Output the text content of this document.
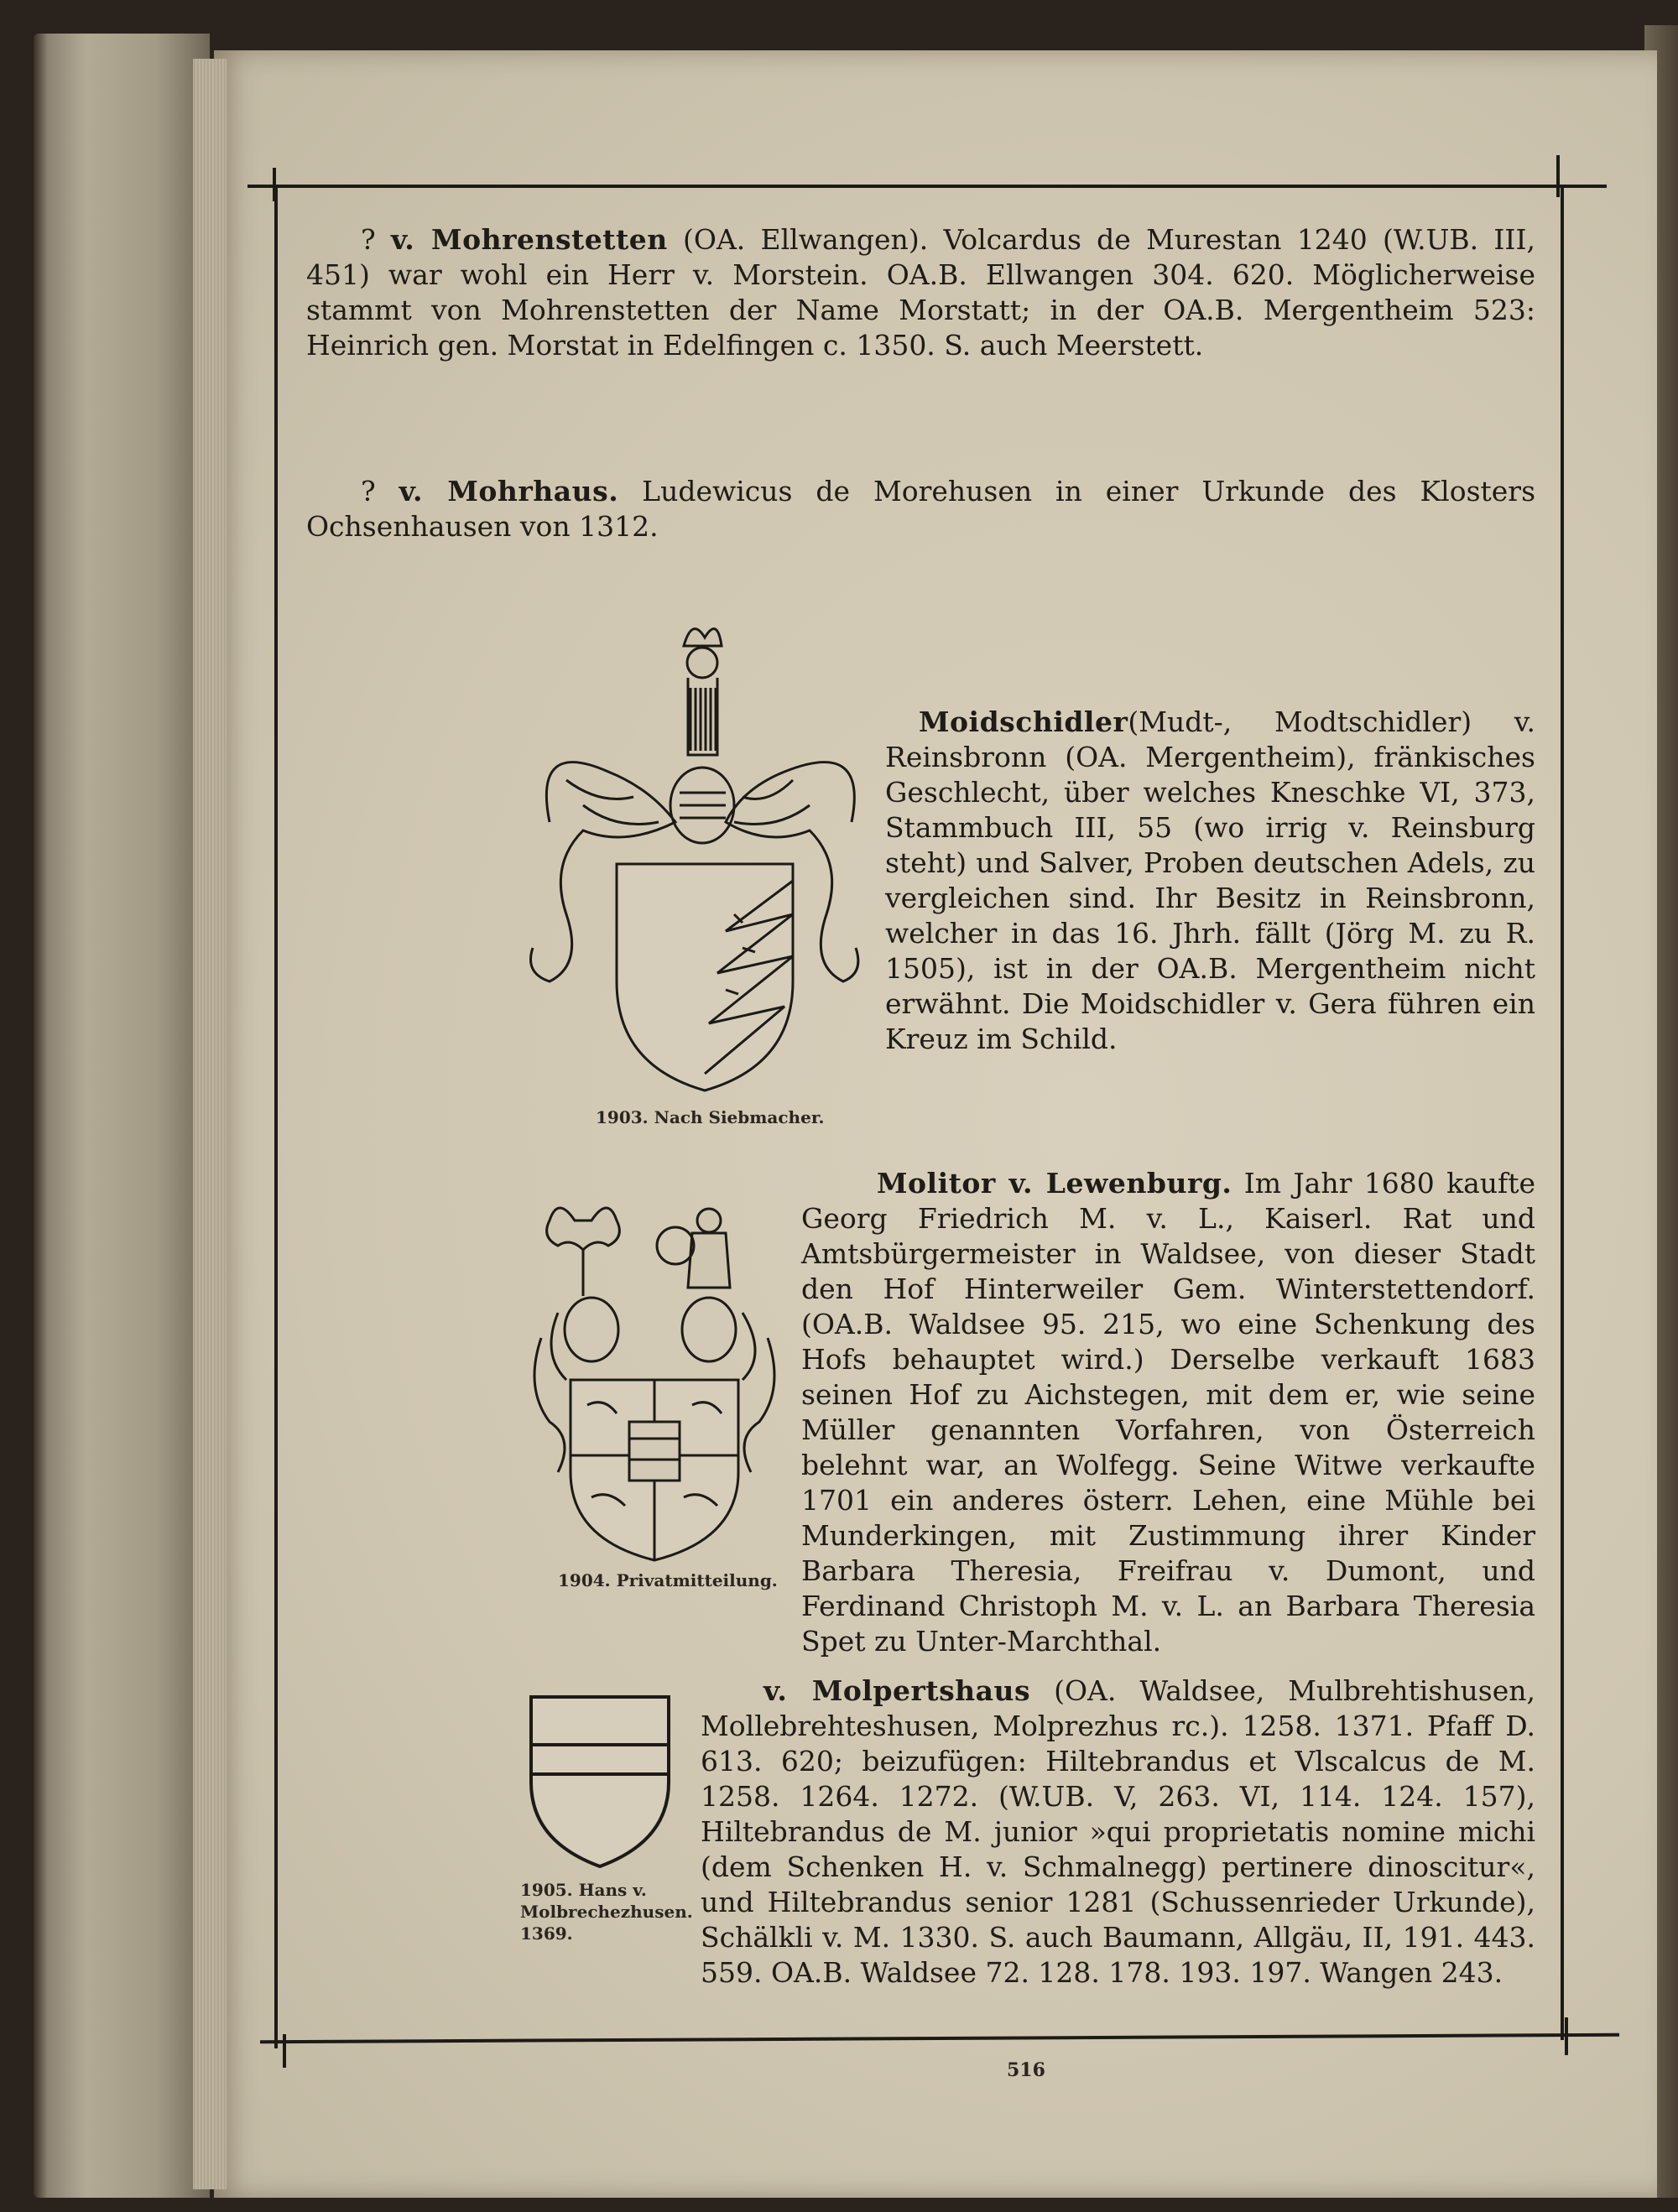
? v. Mohrenstetten (OA. Ellwangen). Volcardus de Murestan 1240 (W.UB. III, 451) war wohl ein Herr v. Morstein. OA.B. Ellwangen 304. 620. Möglicherweise stammt von Mohrenstetten der Name Morstatt; in der OA.B. Mergentheim 523: Heinrich gen. Morstat in Edelfingen c. 1350. S. auch Meerstett.

? v. Mohrhaus. Ludewicus de Morehusen in einer Urkunde des Klosters Ochsenhausen von 1312.

1903. Nach Siebmacher.

Moidschidler(Mudt-, Modtschidler) v. Reinsbronn (OA. Mergentheim), fränkisches Geschlecht, über welches Kneschke VI, 373, Stammbuch III, 55 (wo irrig v. Reinsburg steht) und Salver, Proben deutschen Adels, zu vergleichen sind. Ihr Besitz in Reinsbronn, welcher in das 16. Jhrh. fällt (Jörg M. zu R. 1505), ist in der OA.B. Mergentheim nicht erwähnt. Die Moidschidler v. Gera führen ein Kreuz im Schild.

1904. Privatmitteilung.

Molitor v. Lewenburg. Im Jahr 1680 kaufte Georg Friedrich M. v. L., Kaiserl. Rat und Amtsbürgermeister in Waldsee, von dieser Stadt den Hof Hinterweiler Gem. Winterstettendorf. (OA.B. Waldsee 95. 215, wo eine Schenkung des Hofs behauptet wird.) Derselbe verkauft 1683 seinen Hof zu Aichstegen, mit dem er, wie seine Müller genannten Vorfahren, von Österreich belehnt war, an Wolfegg. Seine Witwe verkaufte 1701 ein anderes österr. Lehen, eine Mühle bei Munderkingen, mit Zustimmung ihrer Kinder Barbara Theresia, Freifrau v. Dumont, und Ferdinand Christoph M. v. L. an Barbara Theresia Spet zu Unter-Marchthal.

1905. Hans v. Molbrechezhusen. 1369.

v. Molpertshaus (OA. Waldsee, Mulbrehtishusen, Mollebrehteshusen, Molprezhus rc.). 1258. 1371. Pfaff D. 613. 620; beizufügen: Hiltebrandus et Vlscalcus de M. 1258. 1264. 1272. (W.UB. V, 263. VI, 114. 124. 157), Hiltebrandus de M. junior »qui proprietatis nomine michi (dem Schenken H. v. Schmalnegg) pertinere dinoscitur«, und Hiltebrandus senior 1281 (Schussenrieder Urkunde), Schälkli v. M. 1330. S. auch Baumann, Allgäu, II, 191. 443. 559. OA.B. Waldsee 72. 128. 178. 193. 197. Wangen 243.

516
